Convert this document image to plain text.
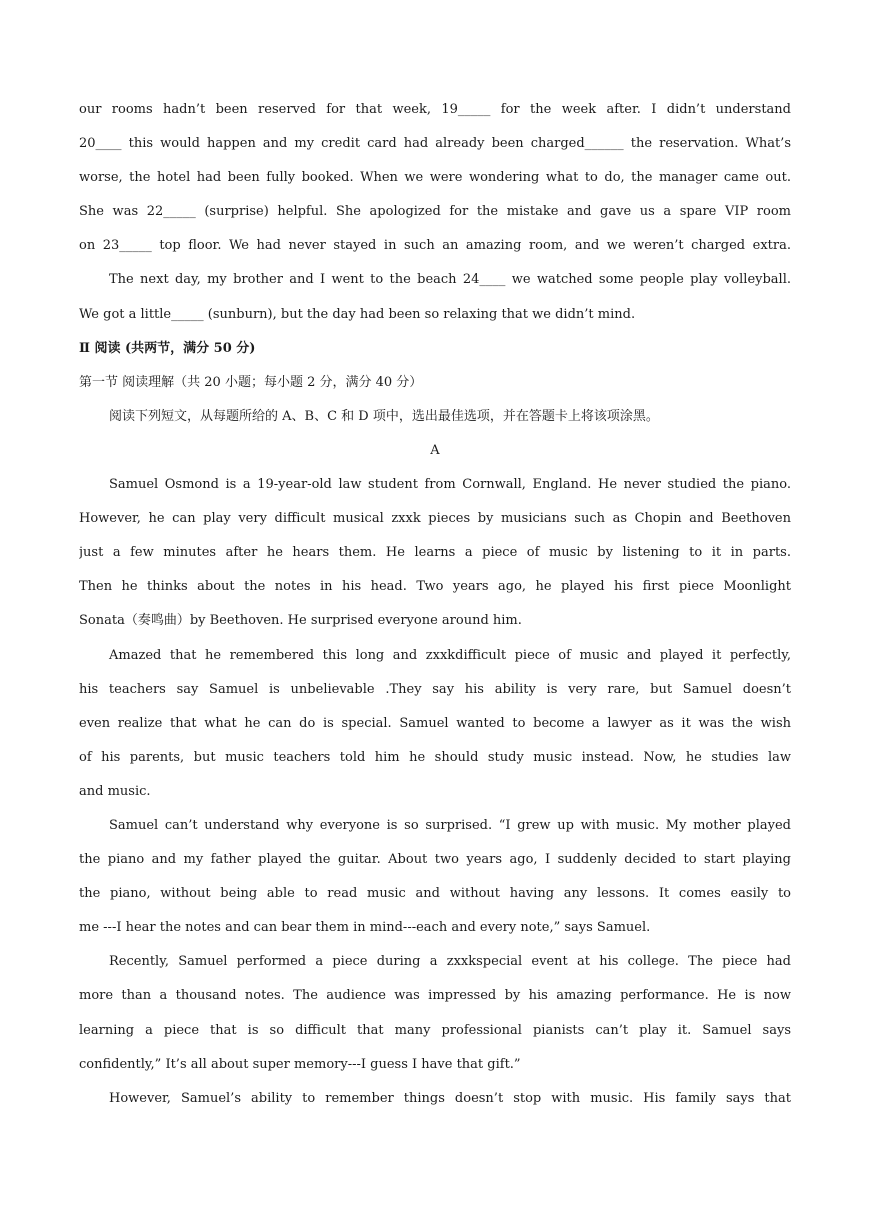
our rooms hadn’t been reserved for that week, 19_____ for the week after. I didn’t understand
20____ this would happen and my credit card had already been charged______ the reservation. What’s
worse, the hotel had been fully booked. When we were wondering what to do, the manager came out.
She was 22_____ (surprise) helpful. She apologized for the mistake and gave us a spare VIP room
on 23_____ top floor. We had never stayed in such an amazing room, and we weren’t charged extra.
The next day, my brother and I went to the beach 24____ we watched some people play volleyball.
We got a little_____ (sunburn), but the day had been so relaxing that we didn’t mind.
Ⅱ 阅读 (共两节，满分 50 分)
第一节 阅读理解（共 20 小题；每小题 2 分，满分 40 分）
阅读下列短文，从每题所给的 A、B、C 和 D 项中，选出最佳选项，并在答题卡上将该项涂黑。
A
Samuel Osmond is a 19-year-old law student from Cornwall, England. He never studied the piano.
However, he can play very difficult musical zxxk pieces by musicians such as Chopin and Beethoven
just a few minutes after he hears them. He learns a piece of music by listening to it in parts.
Then he thinks about the notes in his head. Two years ago, he played his first piece Moonlight
Sonata（奏鸣曲）by Beethoven. He surprised everyone around him.
Amazed that he remembered this long and zxxkdifficult piece of music and played it perfectly,
his teachers say Samuel is unbelievable .They say his ability is very rare, but Samuel doesn’t
even realize that what he can do is special. Samuel wanted to become a lawyer as it was the wish
of his parents, but music teachers told him he should study music instead. Now, he studies law
and music.
Samuel can’t understand why everyone is so surprised. “I grew up with music. My mother played
the piano and my father played the guitar. About two years ago, I suddenly decided to start playing
the piano, without being able to read music and without having any lessons. It comes easily to
me ---I hear the notes and can bear them in mind---each and every note,” says Samuel.
Recently, Samuel performed a piece during a zxxkspecial event at his college. The piece had
more than a thousand notes. The audience was impressed by his amazing performance. He is now
learning a piece that is so difficult that many professional pianists can’t play it. Samuel says
confidently,” It’s all about super memory---I guess I have that gift.”
However, Samuel’s ability to remember things doesn’t stop with music. His family says that
